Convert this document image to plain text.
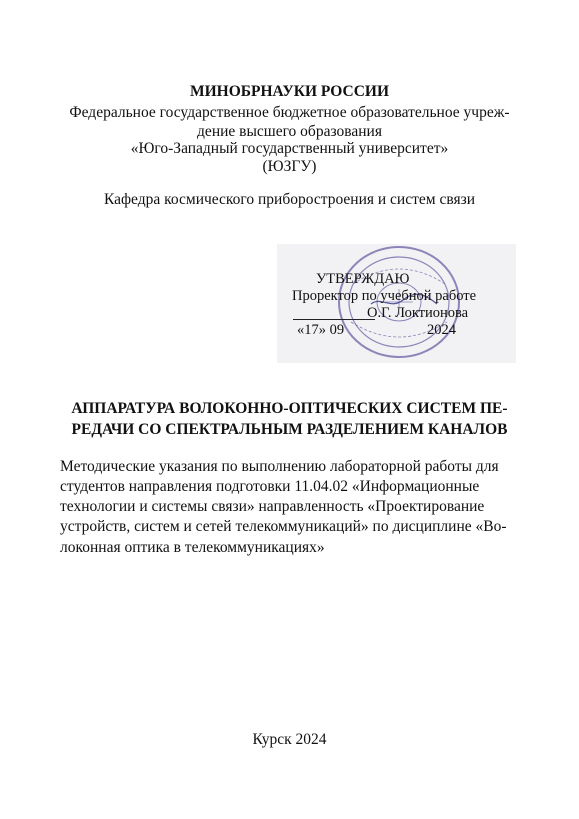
МИНОБРНАУКИ РОССИИ
Федеральное государственное бюджетное образовательное учреж-
дение высшего образования
«Юго-Западный государственный университет»
(ЮЗГУ)
Кафедра космического приборостроения и систем связи
УТВЕРЖДАЮ
Проректор по учебной работе
О.Г. Локтионова
«17» 09	2024
АППАРАТУРА ВОЛОКОННО-ОПТИЧЕСКИХ СИСТЕМ ПЕ-
РЕДАЧИ СО СПЕКТРАЛЬНЫМ РАЗДЕЛЕНИЕМ КАНАЛОВ
Методические указания по выполнению лабораторной работы для
студентов направления подготовки 11.04.02 «Информационные
технологии и системы связи» направленность «Проектирование
устройств, систем и сетей телекоммуникаций» по дисциплине «Во-
локонная оптика в телекоммуникациях»
Курск 2024
